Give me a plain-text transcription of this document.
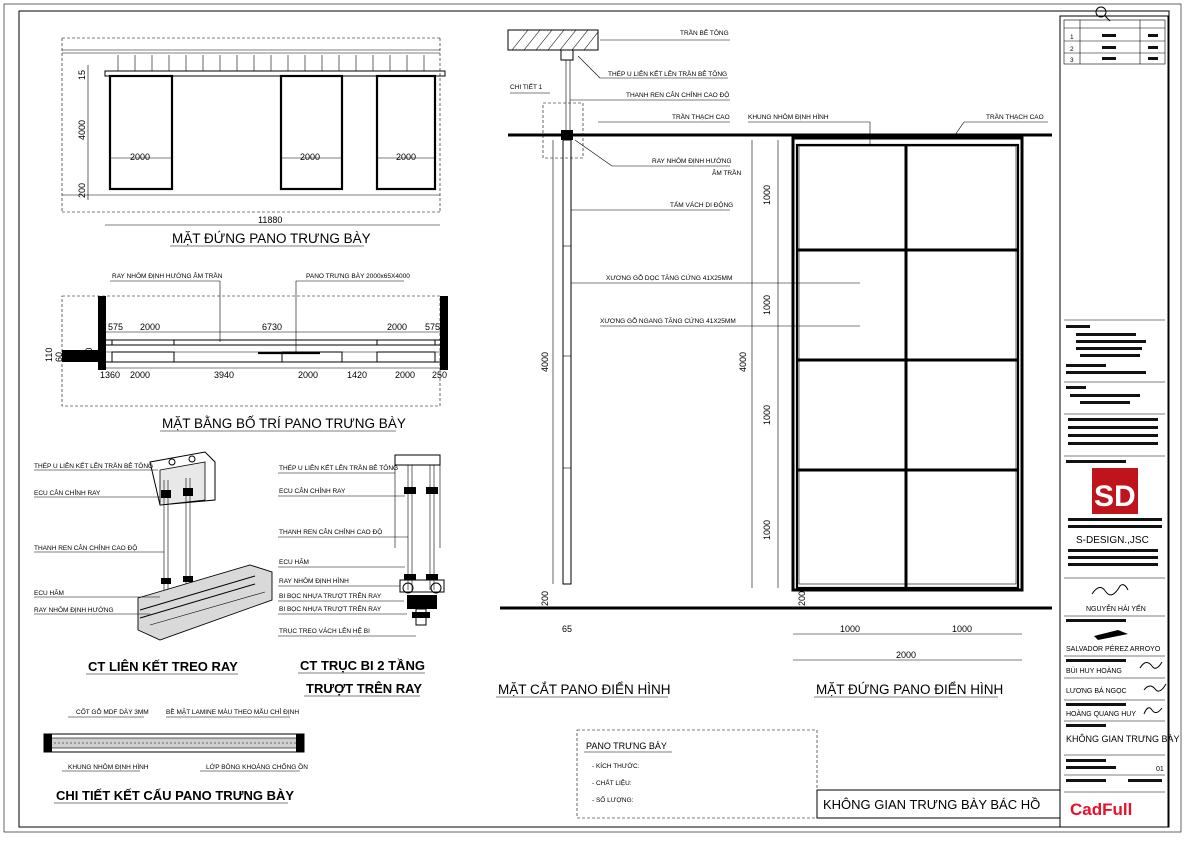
2000	2000	2000
15
4000
200
11880
MẶT ĐỨNG PANO TRƯNG BÀY
575 2000	6730	2000 575
1360 2000	3940	2000	1420	2000 250
110 60 60 10 110
RAY NHÔM ĐỊNH HƯỚNG ÂM TRẦN	PANO TRƯNG BÀY 2000x65X4000
MẶT BẰNG BỐ TRÍ PANO TRƯNG BÀY
THÉP U LIÊN KẾT LÊN TRẦN BÊ TÔNG
ECU CÂN CHỈNH RAY
THANH REN CÂN CHỈNH CAO ĐỘ
ECU HÃM
RAY NHÔM ĐỊNH HƯỚNG
CT LIÊN KẾT TREO RAY
THÉP U LIÊN KẾT LÊN TRẦN BÊ TÔNG
ECU CÂN CHỈNH RAY
THANH REN CÂN CHỈNH CAO ĐỘ
ECU HÃM
RAY NHÔM ĐỊNH HÌNH
BI BỌC NHỰA TRƯỢT TRÊN RAY
BI BỌC NHỰA TRƯỢT TRÊN RAY
TRỤC TREO VÁCH LÊN HỆ BI
CT TRỤC BI 2 TẦNG
TRƯỢT TRÊN RAY
CỐT GỖ MDF DÀY 3MM	BỀ MẶT LAMINE MÀU THEO MẪU CHỈ ĐỊNH
KHUNG NHÔM ĐỊNH HÌNH	LỚP BÔNG KHOÁNG CHỐNG ỒN
CHI TIẾT KẾT CẤU PANO TRƯNG BÀY
4000
200
65
TRẦN BÊ TÔNG
THÉP U LIÊN KẾT LÊN TRẦN BÊ TÔNG
CHI TIẾT 1
THANH REN CÂN CHỈNH CAO ĐỘ
TRẦN THẠCH CAO
RAY NHÔM ĐỊNH HƯỚNG
ÂM TRẦN
TẤM VÁCH DI ĐỘNG
XƯƠNG GỖ DỌC TĂNG CỨNG 41X25MM
XƯƠNG GỖ NGANG TĂNG CỨNG 41X25MM
MẶT CẮT PANO ĐIỂN HÌNH
1000
1000
1000
1000
4000
200
1000	1000
2000
KHUNG NHÔM ĐỊNH HÌNH	TRẦN THẠCH CAO
MẶT ĐỨNG PANO ĐIỂN HÌNH
PANO TRƯNG BÀY
- KÍCH THƯỚC:
- CHẤT LIỆU:
- SỐ LƯỢNG:	KHÔNG GIAN TRƯNG BÀY BÁC HỒ
1
2
3
SD
S-DESIGN.,JSC
NGUYỄN HẢI YẾN
SALVADOR PÉREZ ARROYO
BÙI HUY HOÀNG
LƯƠNG BÁ NGỌC
HOÀNG QUANG HUY
KHÔNG GIAN TRƯNG BÀY
01
CadFull
